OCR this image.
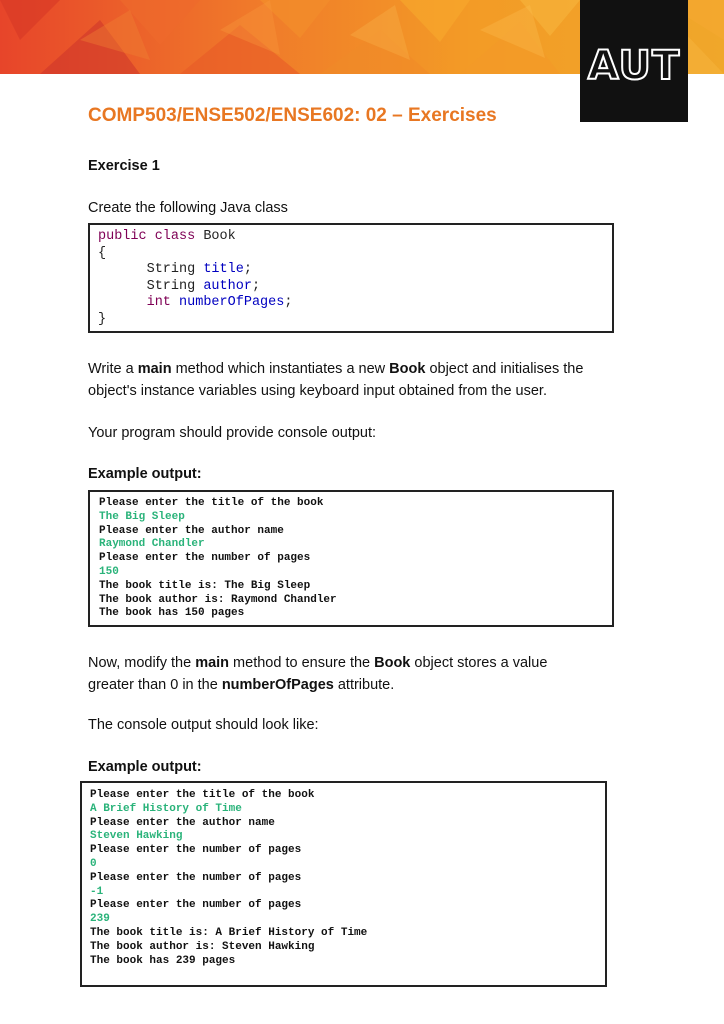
AUT
COMP503/ENSE502/ENSE602: 02 – Exercises
Exercise 1
Create the following Java class
public class Book
{
String title;
String author;
int numberOfPages;
}
Write a main method which instantiates a new Book object and initialises the
object's instance variables using keyboard input obtained from the user.
Your program should provide console output:
Example output:
Please enter the title of the book
The Big Sleep
Please enter the author name
Raymond Chandler
Please enter the number of pages
150
The book title is: The Big Sleep
The book author is: Raymond Chandler
The book has 150 pages
Now, modify the main method to ensure the Book object stores a value
greater than 0 in the numberOfPages attribute.
The console output should look like:
Example output:
Please enter the title of the book
A Brief History of Time
Please enter the author name
Steven Hawking
Please enter the number of pages
0
Please enter the number of pages
-1
Please enter the number of pages
239
The book title is: A Brief History of Time
The book author is: Steven Hawking
The book has 239 pages
